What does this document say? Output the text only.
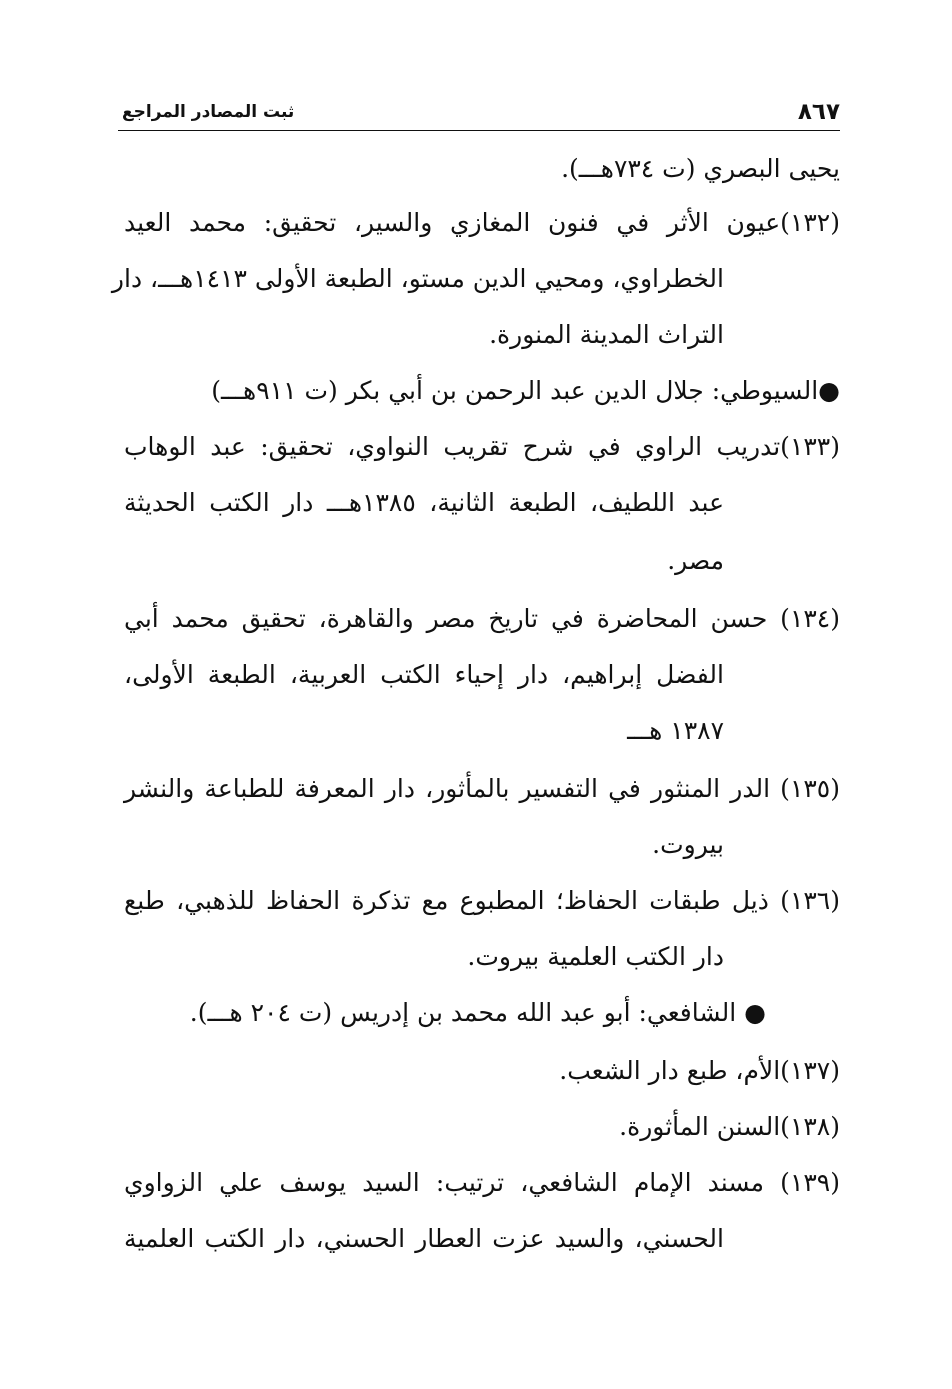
٨٦٧
ثبت المصادر المراجع
يحيى البصري (ت ٧٣٤هـــ).
(١٣٢)عيون الأثر في فنون المغازي والسير، تحقيق: محمد العيد
الخطراوي، ومحيي الدين مستو، الطبعة الأولى ١٤١٣هـــ، دار
التراث المدينة المنورة.
●السيوطي: جلال الدين عبد الرحمن بن أبي بكر (ت ٩١١هـــ)
(١٣٣)تدريب الراوي في شرح تقريب النواوي، تحقيق: عبد الوهاب
عبد اللطيف، الطبعة الثانية، ١٣٨٥هـــ دار الكتب الحديثة
مصر.
(١٣٤) حسن المحاضرة في تاريخ مصر والقاهرة، تحقيق محمد أبي
الفضل إبراهيم، دار إحياء الكتب العربية، الطبعة الأولى،
١٣٨٧ هـــ
(١٣٥) الدر المنثور في التفسير بالمأثور، دار المعرفة للطباعة والنشر
بيروت.
(١٣٦) ذيل طبقات الحفاظ؛ المطبوع مع تذكرة الحفاظ للذهبي، طبع
دار الكتب العلمية بيروت.
● الشافعي: أبو عبد الله محمد بن إدريس (ت ٢٠٤ هـــ).
(١٣٧)الأم، طبع دار الشعب.
(١٣٨)السنن المأثورة.
(١٣٩) مسند الإمام الشافعي، ترتيب: السيد يوسف علي الزواوي
الحسني، والسيد عزت العطار الحسني، دار الكتب العلمية
